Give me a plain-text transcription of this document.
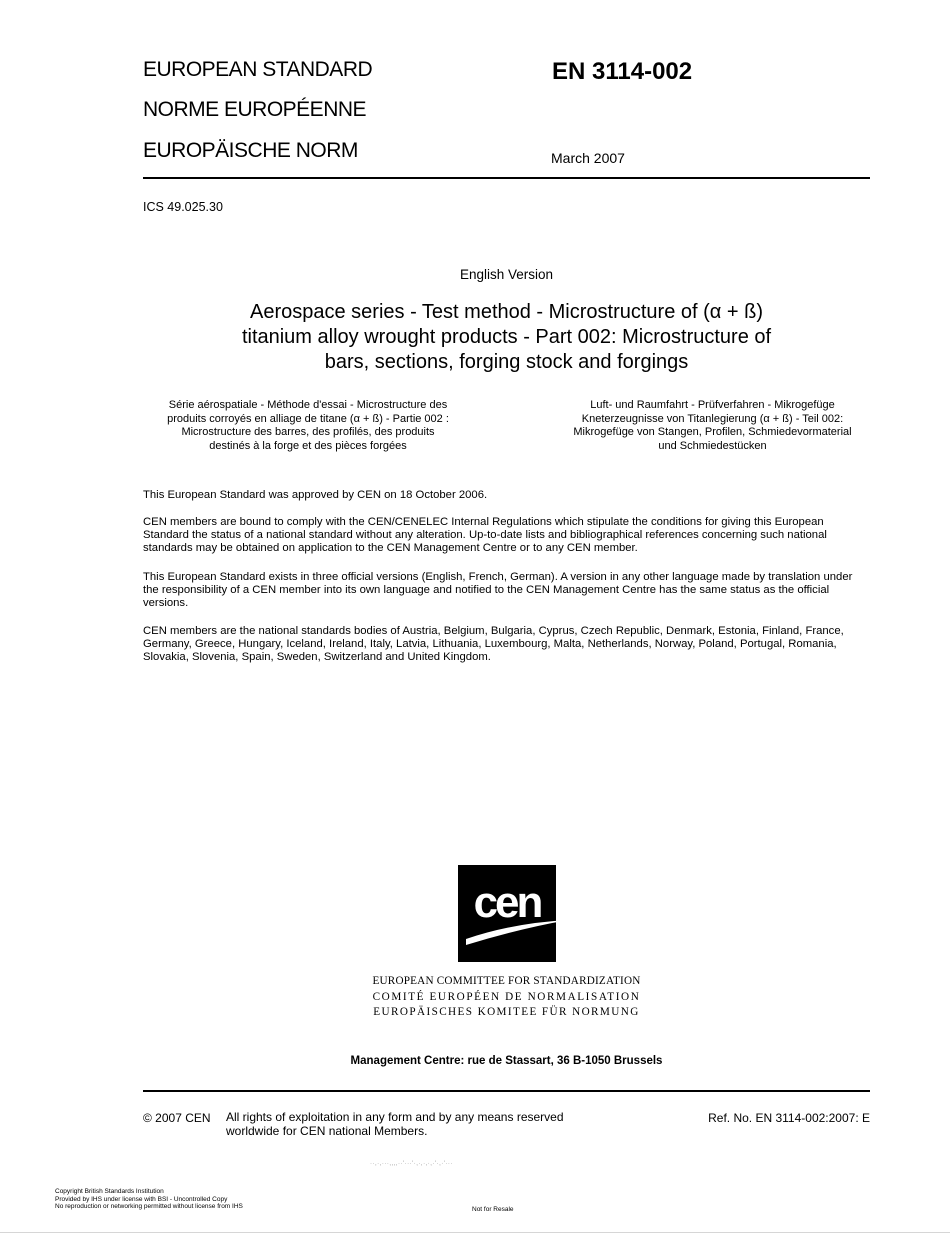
EUROPEAN STANDARD
NORME EUROPÉENNE
EUROPÄISCHE NORM
EN 3114-002
March 2007
ICS 49.025.30
English Version
Aerospace series - Test method - Microstructure of (α + ß)
titanium alloy wrought products - Part 002: Microstructure of
bars, sections, forging stock and forgings
Série aérospatiale - Méthode d'essai - Microstructure des
produits corroyés en alliage de titane (α + ß) - Partie 002 :
Microstructure des barres, des profilés, des produits
destinés à la forge et des pièces forgées
Luft- und Raumfahrt - Prüfverfahren - Mikrogefüge
Kneterzeugnisse von Titanlegierung (α + ß) - Teil 002:
Mikrogefüge von Stangen, Profilen, Schmiedevormaterial
und Schmiedestücken
This European Standard was approved by CEN on 18 October 2006.
CEN members are bound to comply with the CEN/CENELEC Internal Regulations which stipulate the conditions for giving this European Standard the status of a national standard without any alteration. Up-to-date lists and bibliographical references concerning such national standards may be obtained on application to the CEN Management Centre or to any CEN member.
This European Standard exists in three official versions (English, French, German). A version in any other language made by translation under the responsibility of a CEN member into its own language and notified to the CEN Management Centre has the same status as the official versions.
CEN members are the national standards bodies of Austria, Belgium, Bulgaria, Cyprus, Czech Republic, Denmark, Estonia, Finland, France, Germany, Greece, Hungary, Iceland, Ireland, Italy, Latvia, Lithuania, Luxembourg, Malta, Netherlands, Norway, Poland, Portugal, Romania, Slovakia, Slovenia, Spain, Sweden, Switzerland and United Kingdom.
cen
EUROPEAN COMMITTEE FOR STANDARDIZATION
COMITÉ EUROPÉEN DE NORMALISATION
EUROPÄISCHES KOMITEE FÜR NORMUNG
Management Centre: rue de Stassart, 36 B-1050 Brussels
© 2007 CEN All rights of exploitation in any form and by any means reserved
worldwide for CEN national Members.
Ref. No. EN 3114-002:2007: E
··,·,···,,,,··'···'·,·,·,·,·'·,·'···
Copyright British Standards Institution
Provided by IHS under license with BSI - Uncontrolled Copy
No reproduction or networking permitted without license from IHS	Not for Resale
